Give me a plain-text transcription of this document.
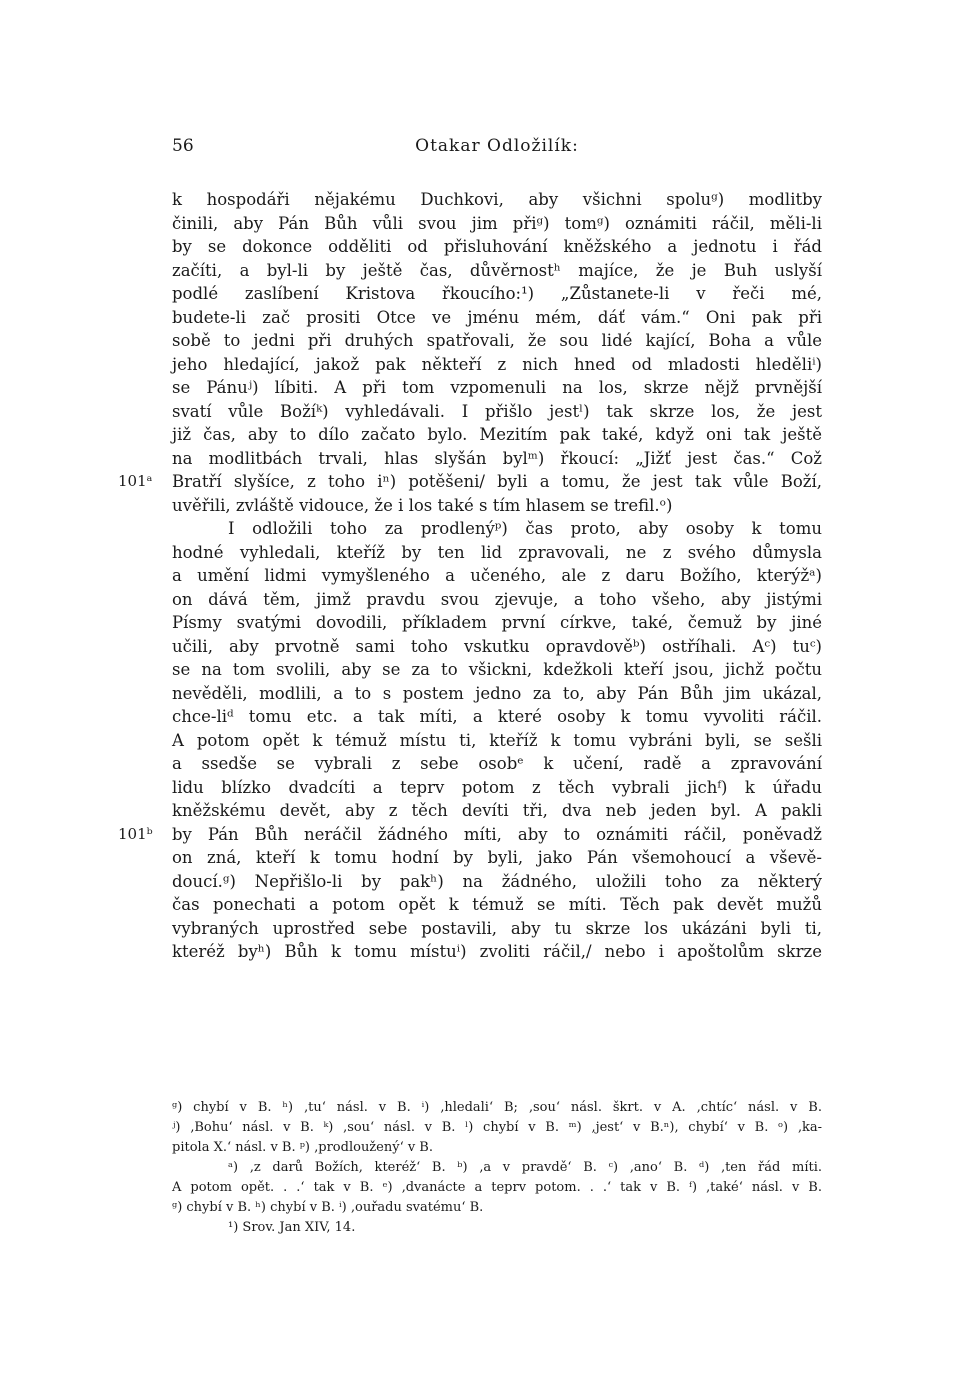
56	Otakar Odložilík:
k hospodáři nějakému Duchkovi, aby všichni spoluᵍ) modlitby
činili, aby Pán Bůh vůli svou jim přiᵍ) tomᵍ) oznámiti ráčil, měli-li
by se dokonce odděliti od přisluhování kněžského a jednotu i řád
začíti, a byl-li by ještě čas, důvěrnostʰ majíce, že je Buh uslyší
podlé zaslíbení Kristova řkoucího:¹) „Zůstanete-li v řeči mé,
budete-li zač prositi Otce ve jménu mém, dáť vám.“ Oni pak při
sobě to jedni při druhých spatřovali, že sou lidé kající, Boha a vůle
jeho hledající, jakož pak někteří z nich hned od mladosti hleděliⁱ)
se Pánuʲ) líbiti. A při tom vzpomenuli na los, skrze nějž prvnější
svatí vůle Božíᵏ) vyhledávali. I přišlo jestˡ) tak skrze los, že jest
již čas, aby to dílo začato bylo. Mezitím pak také, když oni tak ještě
na modlitbách trvali, hlas slyšán bylᵐ) řkoucí: „Jižť jest čas.“ Což
101ᵃ Bratří slyšíce, z toho iⁿ) potěšeni/ byli a tomu, že jest tak vůle Boží,
uvěřili, zvláště vidouce, že i los také s tím hlasem se trefil.ᵒ)
I odložili toho za prodlenýᵖ) čas proto, aby osoby k tomu
hodné vyhledali, kteříž by ten lid zpravovali, ne z svého důmysla
a umění lidmi vymyšleného a učeného, ale z daru Božího, kterýžᵃ)
on dává těm, jimž pravdu svou zjevuje, a toho všeho, aby jistými
Písmy svatými dovodili, příkladem první církve, také, čemuž by jiné
učili, aby prvotně sami toho vskutku opravdověᵇ) ostříhali. Aᶜ) tuᶜ)
se na tom svolili, aby se za to všickni, kdežkoli kteří jsou, jichž počtu
nevěděli, modlili, a to s postem jedno za to, aby Pán Bůh jim ukázal,
chce-liᵈ tomu etc. a tak míti, a které osoby k tomu vyvoliti ráčil.
A potom opět k témuž místu ti, kteříž k tomu vybráni byli, se sešli
a ssedše se vybrali z sebe osobᵉ k učení, radě a zpravování
lidu blízko dvadcíti a teprv potom z těch vybrali jichᶠ) k úřadu
kněžskému devět, aby z těch devíti tři, dva neb jeden byl. A pakli
101ᵇ by Pán Bůh neráčil žádného míti, aby to oznámiti ráčil, poněvadž
on zná, kteří k tomu hodní by byli, jako Pán všemohoucí a vševě-
doucí.ᵍ) Nepřišlo-li by pakʰ) na žádného, uložili toho za některý
čas ponechati a potom opět k témuž se míti. Těch pak devět mužů
vybraných uprostřed sebe postavili, aby tu skrze los ukázáni byli ti,
kteréž byʰ) Bůh k tomu místuⁱ) zvoliti ráčil,/ nebo i apoštolům skrze
ᵍ) chybí v B. ʰ) ‚tu‘ násl. v B. ⁱ) ‚hledali‘ B; ‚sou‘ násl. škrt. v A. ‚chtíc‘ násl. v B.
ʲ) ‚Bohu‘ násl. v B. ᵏ) ‚sou‘ násl. v B. ˡ) chybí v B. ᵐ) ‚jest‘ v B.ⁿ), chybí‘ v B. ᵒ) ‚ka-
pitola X.‘ násl. v B. ᵖ) ‚prodloužený‘ v B.
ᵃ) ‚z darů Božích, kteréž‘ B. ᵇ) ‚a v pravdě‘ B. ᶜ) ‚ano‘ B. ᵈ) ‚ten řád míti.
A potom opět. . .‘ tak v B. ᵉ) ‚dvanácte a teprv potom. . .‘ tak v B. ᶠ) ‚také‘ násl. v B.
ᵍ) chybí v B. ʰ) chybí v B. ⁱ) ‚ouřadu svatému‘ B.
¹) Srov. Jan XIV, 14.
